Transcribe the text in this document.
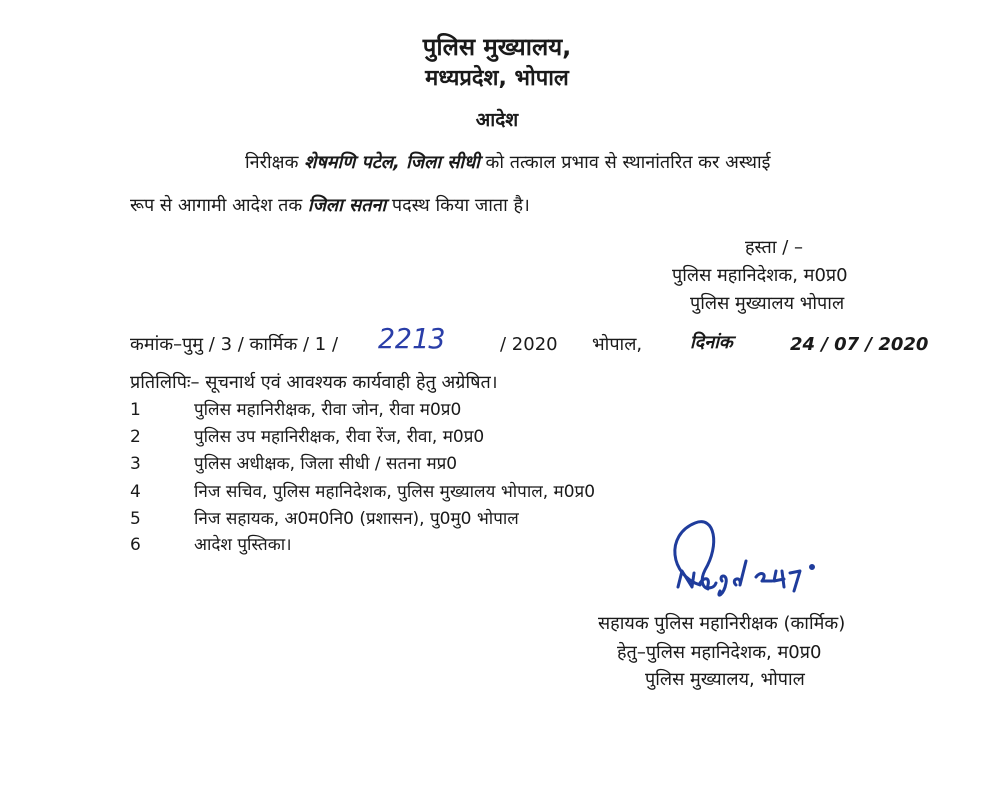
पुलिस मुख्यालय,
मध्यप्रदेश, भोपाल
आदेश
निरीक्षक शेषमणि पटेल, जिला सीधी को तत्काल प्रभाव से स्थानांतरित कर अस्थाई
रूप से आगामी आदेश तक जिला सतना पदस्थ किया जाता है।
हस्ता / –
पुलिस महानिदेशक, म0प्र0
पुलिस मुख्यालय भोपाल
कमांक–पुमु / 3 / कार्मिक / 1 / 2213	/ 2020 भोपाल,	दिनांक	24 / 07 / 2020
प्रतिलिपिः– सूचनार्थ एवं आवश्यक कार्यवाही हेतु अग्रेषित।
1	पुलिस महानिरीक्षक, रीवा जोन, रीवा म0प्र0
2	पुलिस उप महानिरीक्षक, रीवा रेंज, रीवा, म0प्र0
3	पुलिस अधीक्षक, जिला सीधी / सतना मप्र0
4	निज सचिव, पुलिस महानिदेशक, पुलिस मुख्यालय भोपाल, म0प्र0
5	निज सहायक, अ0म0नि0 (प्रशासन), पु0मु0 भोपाल
6	आदेश पुस्तिका।
सहायक पुलिस महानिरीक्षक (कार्मिक)
हेतु–पुलिस महानिदेशक, म0प्र0
पुलिस मुख्यालय, भोपाल
